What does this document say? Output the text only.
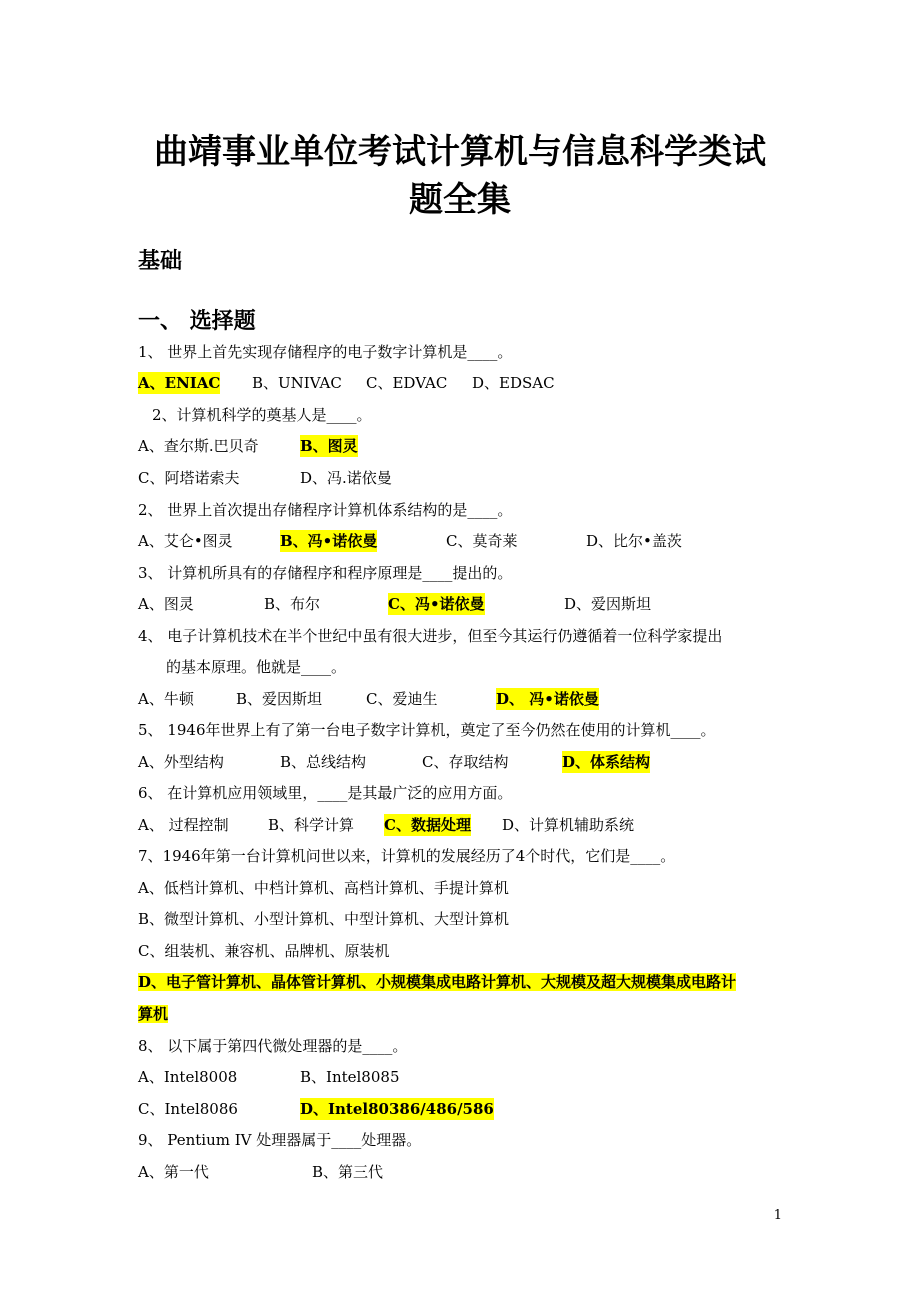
曲靖事业单位考试计算机与信息科学类试
题全集
基础
一、 选择题
1、 世界上首先实现存储程序的电子数字计算机是____。
A、ENIAC B、UNIVAC C、EDVAC D、EDSAC
2、计算机科学的奠基人是____。
A、查尔斯.巴贝奇	B、图灵
C、阿塔诺索夫	D、冯.诺依曼
2、 世界上首次提出存储程序计算机体系结构的是____。
A、艾仑•图灵	B、冯•诺依曼	C、莫奇莱	D、比尔•盖茨
3、 计算机所具有的存储程序和程序原理是____提出的。
A、图灵	B、布尔	C、冯•诺依曼	D、爱因斯坦
4、 电子计算机技术在半个世纪中虽有很大进步，但至今其运行仍遵循着一位科学家提出
的基本原理。他就是____。
A、牛顿	B、爱因斯坦	C、爱迪生	D、 冯•诺依曼
5、 1946年世界上有了第一台电子数字计算机，奠定了至今仍然在使用的计算机____。
A、外型结构	B、总线结构	C、存取结构	D、体系结构
6、 在计算机应用领域里，____是其最广泛的应用方面。
A、 过程控制	B、科学计算 C、数据处理 D、计算机辅助系统
7、1946年第一台计算机问世以来，计算机的发展经历了4个时代，它们是____。
A、低档计算机、中档计算机、高档计算机、手提计算机
B、微型计算机、小型计算机、中型计算机、大型计算机
C、组装机、兼容机、品牌机、原装机
D、电子管计算机、晶体管计算机、小规模集成电路计算机、大规模及超大规模集成电路计
算机
8、 以下属于第四代微处理器的是____。
A、Intel8008	B、Intel8085
C、Intel8086	D、Intel80386/486/586
9、 Pentium IV 处理器属于____处理器。
A、第一代	B、第三代
1
